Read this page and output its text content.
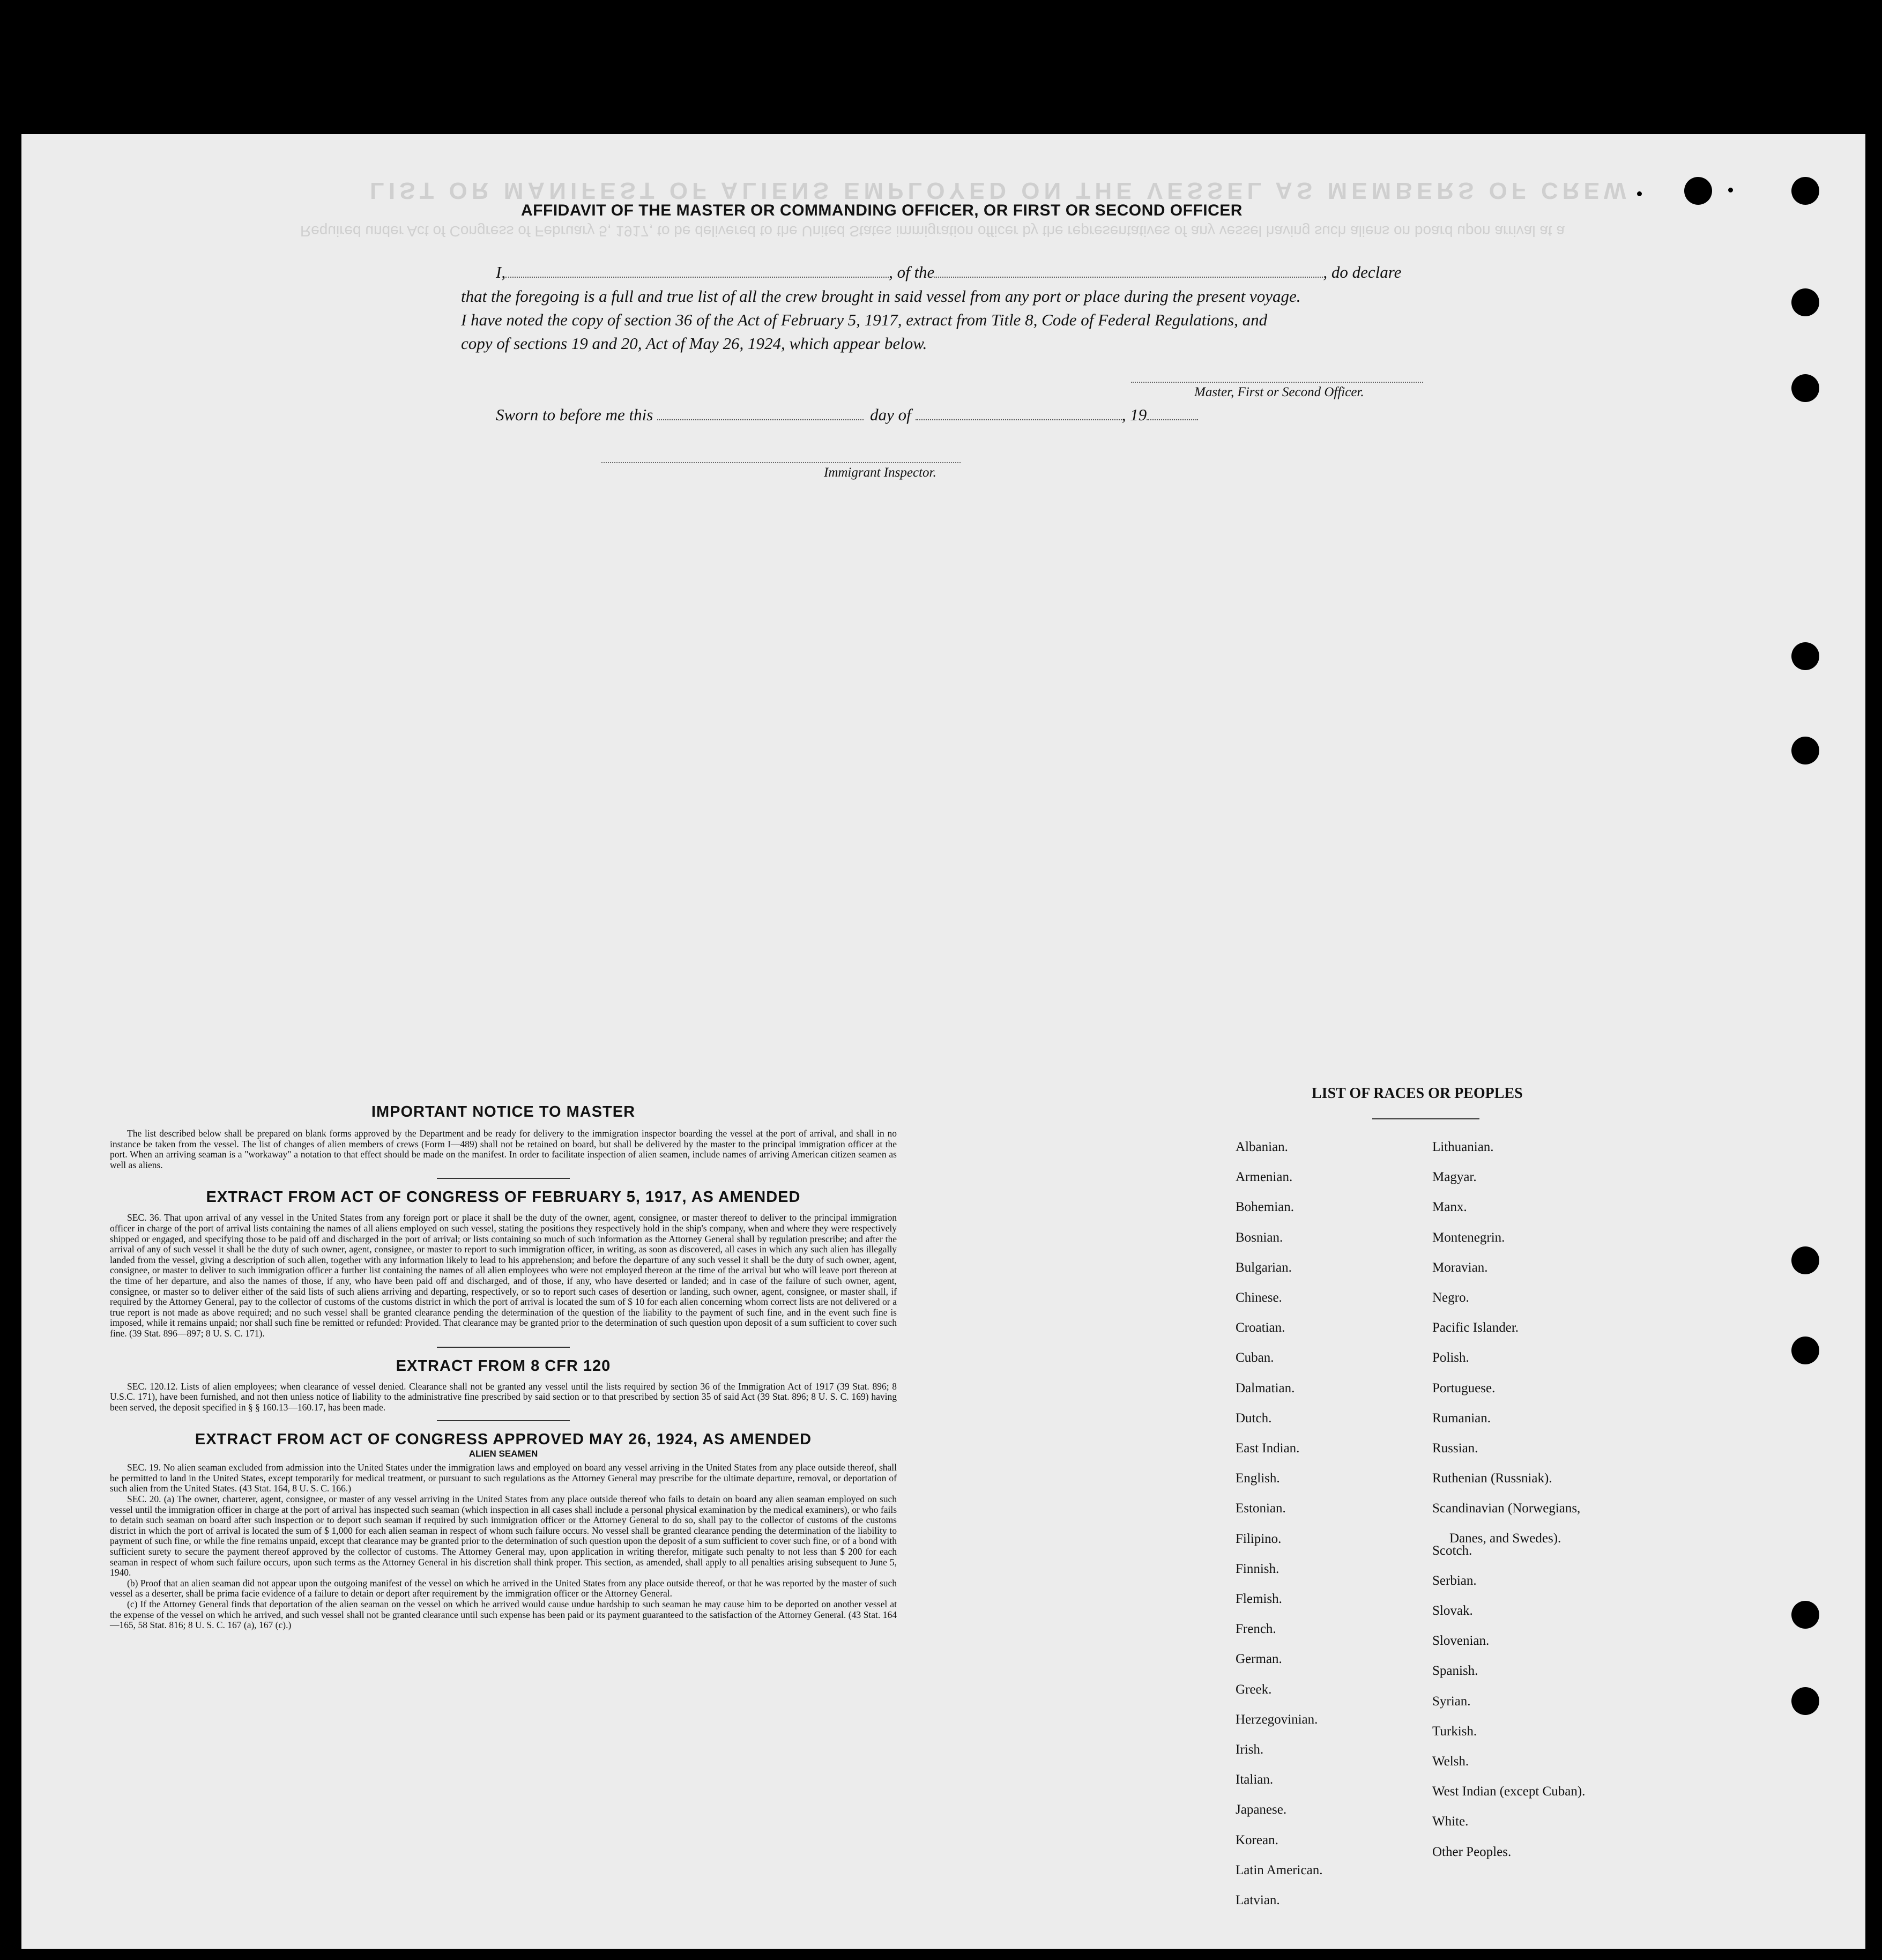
LIST OR MANIFEST OF ALIENS EMPLOYED ON THE VESSEL AS MEMBERS OF CREW
Required under Act of Congress of February 5, 1917, to be delivered to the United States immigration officer by the representatives of any vessel having such aliens on board upon arrival at a
AFFIDAVIT OF THE MASTER OR COMMANDING OFFICER, OR FIRST OR SECOND OFFICER
I,	, of the	, do declare
that the foregoing is a full and true list of all the crew brought in said vessel from any port or place during the present voyage.
I have noted the copy of section 36 of the Act of February 5, 1917, extract from Title 8, Code of Federal Regulations, and
copy of sections 19 and 20, Act of May 26, 1924, which appear below.
Master, First or Second Officer.
Sworn to before me this	day of	, 19
Immigrant Inspector.
IMPORTANT NOTICE TO MASTER

The list described below shall be prepared on blank forms approved by the Department and be ready for delivery to the immigration inspector boarding the vessel at the port of arrival, and shall in no instance be taken from the vessel. The list of changes of alien members of crews (Form I—489) shall not be retained on board, but shall be delivered by the master to the principal immigration officer at the port. When an arriving seaman is a "workaway" a notation to that effect should be made on the manifest. In order to facilitate inspection of alien seamen, include names of arriving American citizen seamen as well as aliens.

EXTRACT FROM ACT OF CONGRESS OF FEBRUARY 5, 1917, AS AMENDED

SEC. 36. That upon arrival of any vessel in the United States from any foreign port or place it shall be the duty of the owner, agent, consignee, or master thereof to deliver to the principal immigration officer in charge of the port of arrival lists containing the names of all aliens employed on such vessel, stating the positions they respectively hold in the ship's company, when and where they were respectively shipped or engaged, and specifying those to be paid off and discharged in the port of arrival; or lists containing so much of such information as the Attorney General shall by regulation prescribe; and after the arrival of any of such vessel it shall be the duty of such owner, agent, consignee, or master to report to such immigration officer, in writing, as soon as discovered, all cases in which any such alien has illegally landed from the vessel, giving a description of such alien, together with any information likely to lead to his apprehension; and before the departure of any such vessel it shall be the duty of such owner, agent, consignee, or master to deliver to such immigration officer a further list containing the names of all alien employees who were not employed thereon at the time of the arrival but who will leave port thereon at the time of her departure, and also the names of those, if any, who have been paid off and discharged, and of those, if any, who have deserted or landed; and in case of the failure of such owner, agent, consignee, or master so to deliver either of the said lists of such aliens arriving and departing, respectively, or so to report such cases of desertion or landing, such owner, agent, consignee, or master shall, if required by the Attorney General, pay to the collector of customs of the customs district in which the port of arrival is located the sum of $ 10 for each alien concerning whom correct lists are not delivered or a true report is not made as above required; and no such vessel shall be granted clearance pending the determination of the question of the liability to the payment of such fine, and in the event such fine is imposed, while it remains unpaid; nor shall such fine be remitted or refunded: Provided. That clearance may be granted prior to the determination of such question upon deposit of a sum sufficient to cover such fine. (39 Stat. 896—897; 8 U. S. C. 171).

EXTRACT FROM 8 CFR 120

SEC. 120.12. Lists of alien employees; when clearance of vessel denied. Clearance shall not be granted any vessel until the lists required by section 36 of the Immigration Act of 1917 (39 Stat. 896; 8 U.S.C. 171), have been furnished, and not then unless notice of liability to the administrative fine prescribed by said section or to that prescribed by section 35 of said Act (39 Stat. 896; 8 U. S. C. 169) having been served, the deposit specified in § § 160.13—160.17, has been made.

EXTRACT FROM ACT OF CONGRESS APPROVED MAY 26, 1924, AS AMENDED
ALIEN SEAMEN

SEC. 19. No alien seaman excluded from admission into the United States under the immigration laws and employed on board any vessel arriving in the United States from any place outside thereof, shall be permitted to land in the United States, except temporarily for medical treatment, or pursuant to such regulations as the Attorney General may prescribe for the ultimate departure, removal, or deportation of such alien from the United States. (43 Stat. 164, 8 U. S. C. 166.)

SEC. 20. (a) The owner, charterer, agent, consignee, or master of any vessel arriving in the United States from any place outside thereof who fails to detain on board any alien seaman employed on such vessel until the immigration officer in charge at the port of arrival has inspected such seaman (which inspection in all cases shall include a personal physical examination by the medical examiners), or who fails to detain such seaman on board after such inspection or to deport such seaman if required by such immigration officer or the Attorney General to do so, shall pay to the collector of customs of the customs district in which the port of arrival is located the sum of $ 1,000 for each alien seaman in respect of whom such failure occurs. No vessel shall be granted clearance pending the determination of the liability to payment of such fine, or while the fine remains unpaid, except that clearance may be granted prior to the determination of such question upon the deposit of a sum sufficient to cover such fine, or of a bond with sufficient surety to secure the payment thereof approved by the collector of customs. The Attorney General may, upon application in writing therefor, mitigate such penalty to not less than $ 200 for each seaman in respect of whom such failure occurs, upon such terms as the Attorney General in his discretion shall think proper. This section, as amended, shall apply to all penalties arising subsequent to June 5, 1940.

(b) Proof that an alien seaman did not appear upon the outgoing manifest of the vessel on which he arrived in the United States from any place outside thereof, or that he was reported by the master of such vessel as a deserter, shall be prima facie evidence of a failure to detain or deport after requirement by the immigration officer or the Attorney General.

(c) If the Attorney General finds that deportation of the alien seaman on the vessel on which he arrived would cause undue hardship to such seaman he may cause him to be deported on another vessel at the expense of the vessel on which he arrived, and such vessel shall not be granted clearance until such expense has been paid or its payment guaranteed to the satisfaction of the Attorney General. (43 Stat. 164—165, 58 Stat. 816; 8 U. S. C. 167 (a), 167 (c).)

LIST OF RACES OR PEOPLES
Albanian.
Armenian.
Bohemian.
Bosnian.
Bulgarian.
Chinese.
Croatian.
Cuban.
Dalmatian.
Dutch.
East Indian.
English.
Estonian.
Filipino.
Finnish.
Flemish.
French.
German.
Greek.
Herzegovinian.
Irish.
Italian.
Japanese.
Korean.
Latin American.
Latvian.
Lithuanian.
Magyar.
Manx.
Montenegrin.
Moravian.
Negro.
Pacific Islander.
Polish.
Portuguese.
Rumanian.
Russian.
Ruthenian (Russniak).
Scandinavian (Norwegians,
Danes, and Swedes).
Scotch.
Serbian.
Slovak.
Slovenian.
Spanish.
Syrian.
Turkish.
Welsh.
West Indian (except Cuban).
White.
Other Peoples.
